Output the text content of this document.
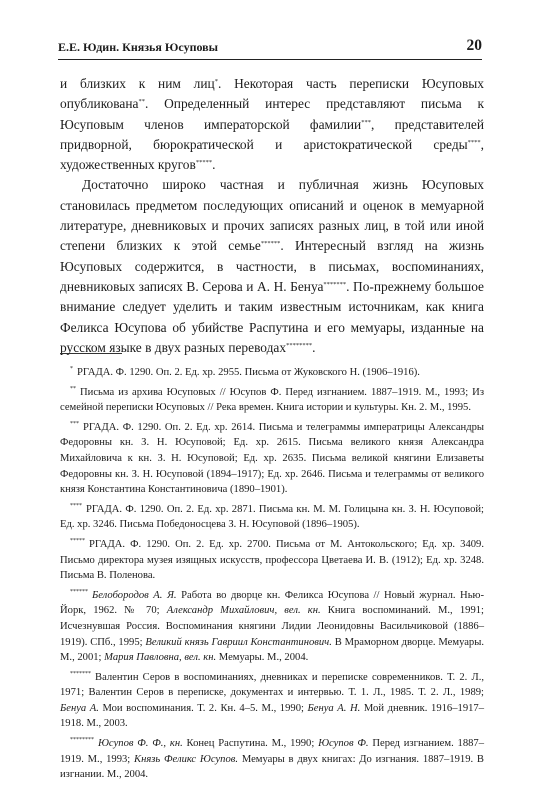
Е.Е. Юдин. Князья Юсуповы	20

и близких к ним лиц*. Некоторая часть переписки Юсуповых опубликована**. Определенный интерес представляют письма к Юсуповым членов императорской фамилии***, представителей придворной, бюрократической и аристократической среды****, художественных кругов*****.

Достаточно широко частная и публичная жизнь Юсуповых становилась предметом последующих описаний и оценок в мемуарной литературе, дневниковых и прочих записях разных лиц, в той или иной степени близких к этой семье******. Интересный взгляд на жизнь Юсуповых содержится, в частности, в письмах, воспоминаниях, дневниковых записях В. Серова и А. Н. Бенуа*******. По-прежнему большое внимание следует уделить и таким известным источникам, как книга Феликса Юсупова об убийстве Распутина и его мемуары, изданные на русском языке в двух разных переводах********.

* РГАДА. Ф. 1290. Оп. 2. Ед. хр. 2955. Письма от Жуковского Н. (1906–1916).

** Письма из архива Юсуповых // Юсупов Ф. Перед изгнанием. 1887–1919. М., 1993; Из семейной переписки Юсуповых // Река времен. Книга истории и культуры. Кн. 2. М., 1995.

*** РГАДА. Ф. 1290. Оп. 2. Ед. хр. 2614. Письма и телеграммы императрицы Александры Федоровны кн. З. Н. Юсуповой; Ед. хр. 2615. Письма великого князя Александра Михайловича к кн. З. Н. Юсуповой; Ед. хр. 2635. Письма великой княгини Елизаветы Федоровны кн. З. Н. Юсуповой (1894–1917); Ед. хр. 2646. Письма и телеграммы от великого князя Константина Константиновича (1890–1901).

**** РГАДА. Ф. 1290. Оп. 2. Ед. хр. 2871. Письма кн. М. М. Голицына кн. З. Н. Юсуповой; Ед. хр. 3246. Письма Победоносцева З. Н. Юсуповой (1896–1905).

***** РГАДА. Ф. 1290. Оп. 2. Ед. хр. 2700. Письма от М. Антокольского; Ед. хр. 3409. Письмо директора музея изящных искусств, профессора Цветаева И. В. (1912); Ед. хр. 3248. Письма В. Поленова.

****** Белобородов А. Я. Работа во дворце кн. Феликса Юсупова // Новый журнал. Нью-Йорк, 1962. № 70; Александр Михайлович, вел. кн. Книга воспоминаний. М., 1991; Исчезнувшая Россия. Воспоминания княгини Лидии Леонидовны Васильчиковой (1886–1919). СПб., 1995; Великий князь Гавриил Константинович. В Мраморном дворце. Мемуары. М., 2001; Мария Павловна, вел. кн. Мемуары. М., 2004.

******* Валентин Серов в воспоминаниях, дневниках и переписке современников. Т. 2. Л., 1971; Валентин Серов в переписке, документах и интервью. Т. 1. Л., 1985. Т. 2. Л., 1989; Бенуа А. Мои воспоминания. Т. 2. Кн. 4–5. М., 1990; Бенуа А. Н. Мой дневник. 1916–1917–1918. М., 2003.

******** Юсупов Ф. Ф., кн. Конец Распутина. М., 1990; Юсупов Ф. Перед изгнанием. 1887–1919. М., 1993; Князь Феликс Юсупов. Мемуары в двух книгах: До изгнания. 1887–1919. В изгнании. М., 2004.
